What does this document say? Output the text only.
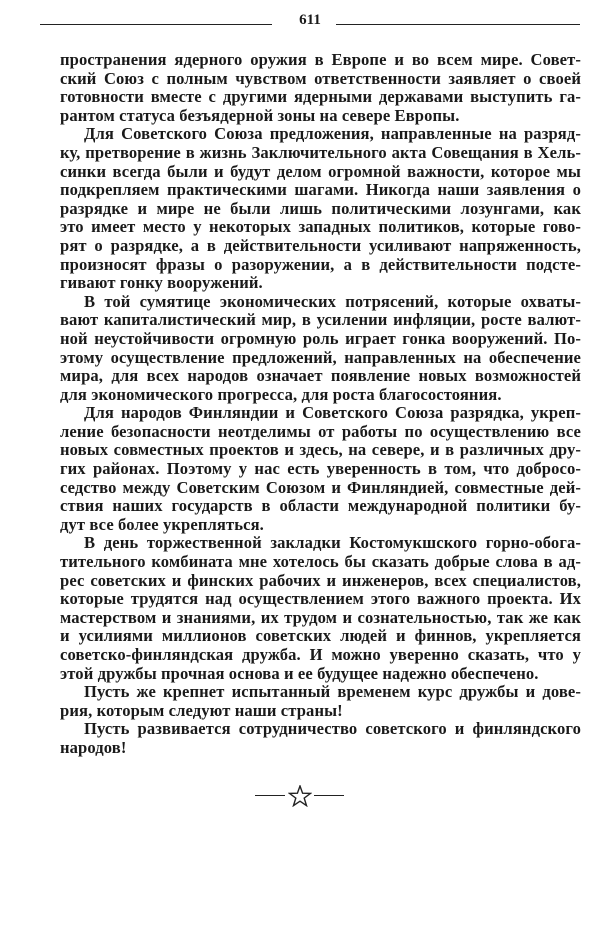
611
пространения ядерного оружия в Европе и во всем мире. Совет-
ский Союз с полным чувством ответственности заявляет о своей
готовности вместе с другими ядерными державами выступить га-
рантом статуса безъядерной зоны на севере Европы.
Для Советского Союза предложения, направленные на разряд-
ку, претворение в жизнь Заключительного акта Совещания в Хель-
синки всегда были и будут делом огромной важности, которое мы
подкрепляем практическими шагами. Никогда наши заявления о
разрядке и мире не были лишь политическими лозунгами, как
это имеет место у некоторых западных политиков, которые гово-
рят о разрядке, а в действительности усиливают напряженность,
произносят фразы о разоружении, а в действительности подсте-
гивают гонку вооружений.
В той сумятице экономических потрясений, которые охваты-
вают капиталистический мир, в усилении инфляции, росте валют-
ной неустойчивости огромную роль играет гонка вооружений. По-
этому осуществление предложений, направленных на обеспечение
мира, для всех народов означает появление новых возможностей
для экономического прогресса, для роста благосостояния.
Для народов Финляндии и Советского Союза разрядка, укреп-
ление безопасности неотделимы от работы по осуществлению все
новых совместных проектов и здесь, на севере, и в различных дру-
гих районах. Поэтому у нас есть уверенность в том, что добросо-
седство между Советским Союзом и Финляндией, совместные дей-
ствия наших государств в области международной политики бу-
дут все более укрепляться.
В день торжественной закладки Костомукшского горно-обога-
тительного комбината мне хотелось бы сказать добрые слова в ад-
рес советских и финских рабочих и инженеров, всех специалистов,
которые трудятся над осуществлением этого важного проекта. Их
мастерством и знаниями, их трудом и сознательностью, так же как
и усилиями миллионов советских людей и финнов, укрепляется
советско-финляндская дружба. И можно уверенно сказать, что у
этой дружбы прочная основа и ее будущее надежно обеспечено.
Пусть же крепнет испытанный временем курс дружбы и дове-
рия, которым следуют наши страны!
Пусть развивается сотрудничество советского и финляндского
народов!
